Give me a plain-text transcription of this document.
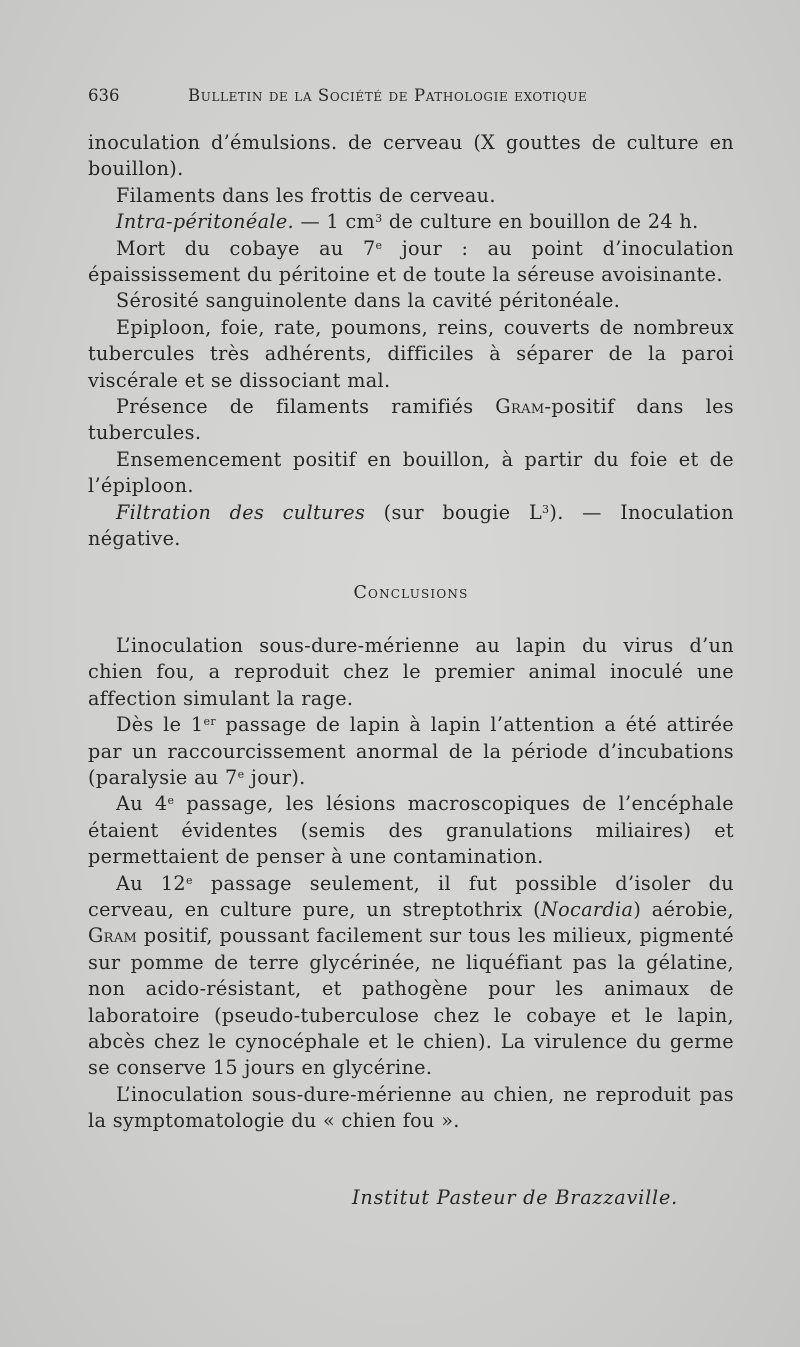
636	Bulletin de la Société de Pathologie exotique

inoculation d’émulsions. de cerveau (X gouttes de culture en bouillon).

Filaments dans les frottis de cerveau.

Intra-péritonéale. — 1 $cm^3$ de culture en bouillon de 24 h.

Mort du cobaye au 7e jour : au point d’inoculation épaississement du péritoine et de toute la séreuse avoisinante.

Sérosité sanguinolente dans la cavité péritonéale.

Epiploon, foie, rate, poumons, reins, couverts de nombreux tubercules très adhérents, difficiles à séparer de la paroi viscérale et se dissociant mal.

Présence de filaments ramifiés Gram-positif dans les tubercules.

Ensemencement positif en bouillon, à partir du foie et de l’épiploon.

Filtration des cultures (sur bougie $L^3$). — Inoculation négative.

Conclusions

L’inoculation sous-dure-mérienne au lapin du virus d’un chien fou, a reproduit chez le premier animal inoculé une affection simulant la rage.

Dès le 1er passage de lapin à lapin l’attention a été attirée par un raccourcissement anormal de la période d’incubations (paralysie au 7e jour).

Au 4e passage, les lésions macroscopiques de l’encéphale étaient évidentes (semis des granulations miliaires) et permettaient de penser à une contamination.

Au 12e passage seulement, il fut possible d’isoler du cerveau, en culture pure, un streptothrix (Nocardia) aérobie, Gram positif, poussant facilement sur tous les milieux, pigmenté sur pomme de terre glycérinée, ne liquéfiant pas la gélatine, non acido-résistant, et pathogène pour les animaux de laboratoire (pseudo-tuberculose chez le cobaye et le lapin, abcès chez le cynocéphale et le chien). La virulence du germe se conserve 15 jours en glycérine.

L’inoculation sous-dure-mérienne au chien, ne reproduit pas la symptomatologie du « chien fou ».

Institut Pasteur de Brazzaville.
